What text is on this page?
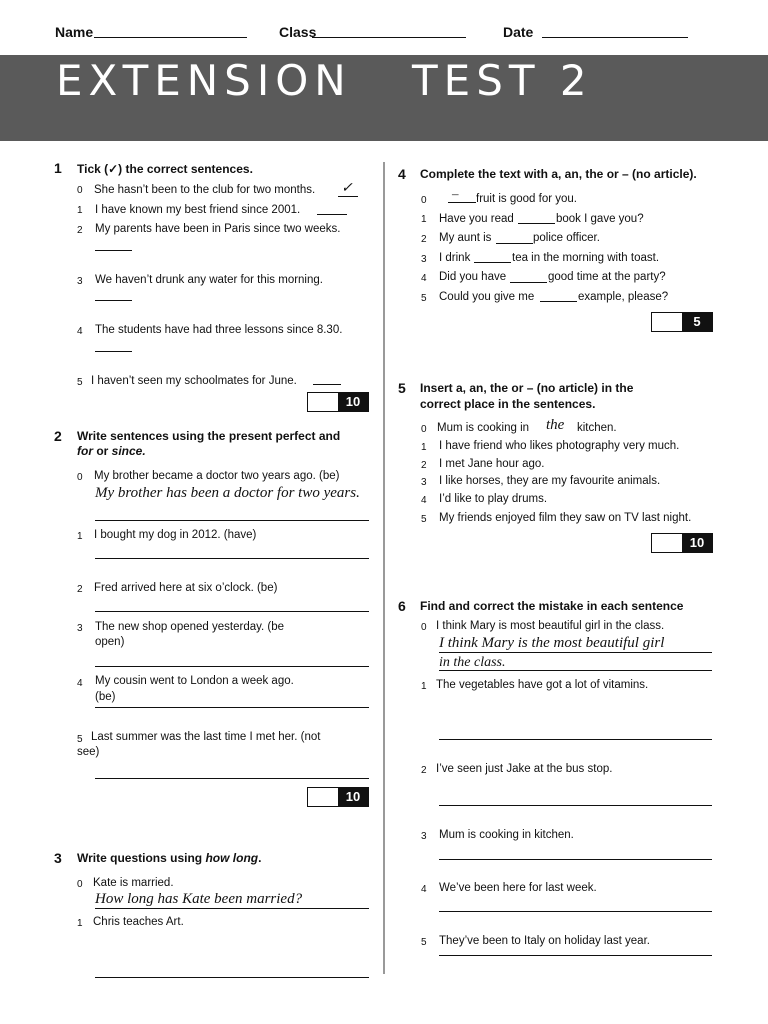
Name	Class	Date
EXTENSION TEST 2
1 Tick (✓) the correct sentences.
0 She hasn’t been to the club for two months. ✓
1 I have known my best friend since 2001.
2 My parents have been in Paris since two weeks.
3 We haven’t drunk any water for this morning.
4 The students have had three lessons since 8.30.
5 I haven’t seen my schoolmates for June.
10
2 Write sentences using the present perfect and
for or since.
0 My brother became a doctor two years ago. (be)
My brother has been a doctor for two years.
1 I bought my dog in 2012. (have)
2 Fred arrived here at six o’clock. (be)
3 The new shop opened yesterday. (be
open)
4 My cousin went to London a week ago.
(be)
5 Last summer was the last time I met her. (not
see)
10
3 Write questions using how long.
0 Kate is married.
How long has Kate been married?
1 Chris teaches Art.
4 Complete the text with a, an, the or – (no article).
0 – fruit is good for you.
1 Have you read	book I gave you?
2 My aunt is	police officer.
3 I drink	tea in the morning with toast.
4 Did you have	good time at the party?
5 Could you give me	example, please?
5
5 Insert a, an, the or – (no article) in the
correct place in the sentences.
0 Mum is cooking in the kitchen.
1 I have friend who likes photography very much.
2 I met Jane hour ago.
3 I like horses, they are my favourite animals.
4 I’d like to play drums.
5 My friends enjoyed film they saw on TV last night.
10
6 Find and correct the mistake in each sentence
0 I think Mary is most beautiful girl in the class.
I think Mary is the most beautiful girl
in the class.
1 The vegetables have got a lot of vitamins.
2 I’ve seen just Jake at the bus stop.
3 Mum is cooking in kitchen.
4 We’ve been here for last week.
5 They’ve been to Italy on holiday last year.
